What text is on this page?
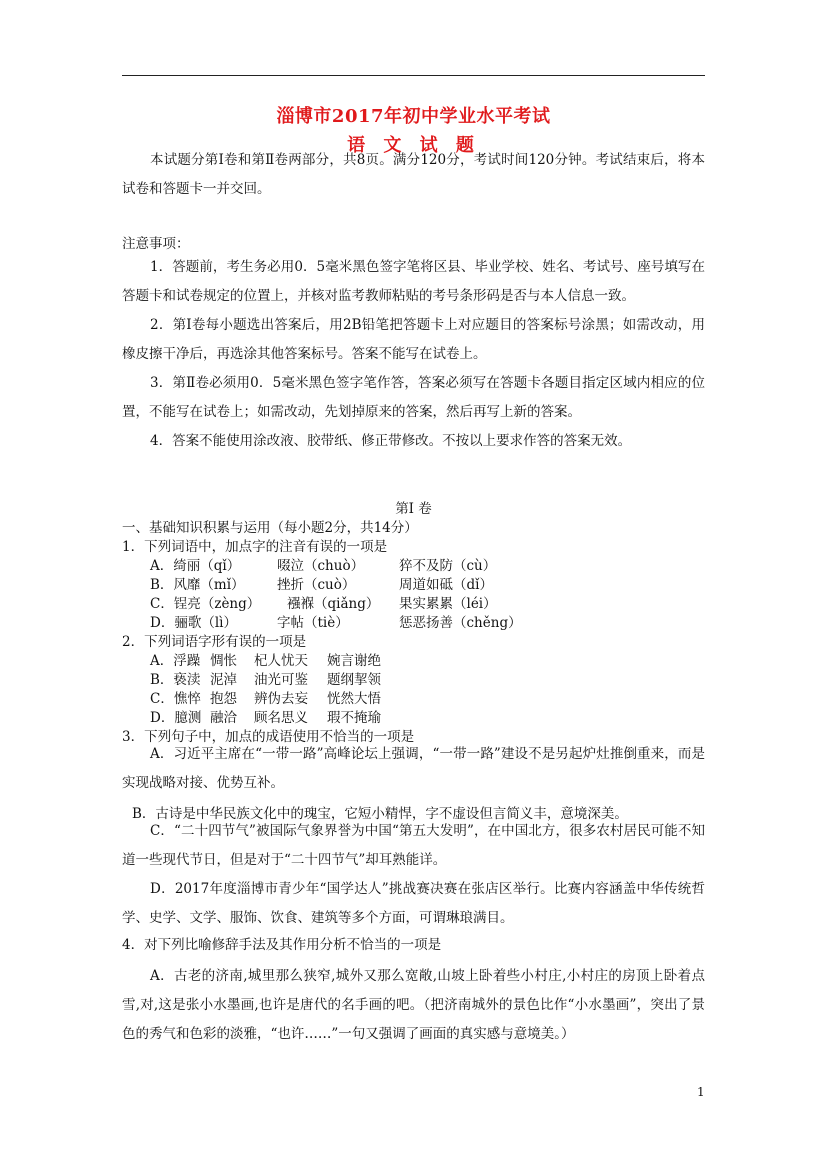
淄博市2017年初中学业水平考试
语 文 试 题

本试题分第Ⅰ卷和第Ⅱ卷两部分，共8页。满分120分，考试时间120分钟。考试结束后，将本试卷和答题卡一并交回。

注意事项：

1．答题前，考生务必用0．5毫米黑色签字笔将区县、毕业学校、姓名、考试号、座号填写在答题卡和试卷规定的位置上，并核对监考教师粘贴的考号条形码是否与本人信息一致。

2．第Ⅰ卷每小题选出答案后，用2B铅笔把答题卡上对应题目的答案标号涂黑；如需改动，用橡皮擦干净后，再选涂其他答案标号。答案不能写在试卷上。

3．第Ⅱ卷必须用0．5毫米黑色签字笔作答，答案必须写在答题卡各题目指定区域内相应的位置，不能写在试卷上；如需改动，先划掉原来的答案，然后再写上新的答案。

4．答案不能使用涂改液、胶带纸、修正带修改。不按以上要求作答的答案无效。

第Ⅰ 卷
一、基础知识积累与运用（每小题2分，共14分）
1．下列词语中，加点字的注音有误的一项是
A．绮丽（qǐ）	啜泣（chuò）	猝不及防（cù）
B．风靡（mǐ） 挫折（cuò）	周道如砥（dǐ）
C．锃亮（zèng） 襁褓（qiǎng） 果实累累（léi）
D．骊歌（lì）	字帖（tiè）	惩恶扬善（chěng）
2．下列词语字形有误的一项是
A．浮躁 惆怅 杞人忧天 婉言谢绝
B．亵渎 泥淖 油光可鉴 题纲挈领
C．憔悴 抱怨 辨伪去妄 恍然大悟
D．臆测 融洽 顾名思义 瑕不掩瑜
3．下列句子中，加点的成语使用不恰当的一项是

A．习近平主席在“一带一路”高峰论坛上强调，“一带一路”建设不是另起炉灶推倒重来，而是实现战略对接、优势互补。

B．古诗是中华民族文化中的瑰宝，它短小精悍，字不虚设但言简义丰，意境深美。

C．“二十四节气”被国际气象界誉为中国“第五大发明”，在中国北方，很多农村居民可能不知道一些现代节日，但是对于“二十四节气”却耳熟能详。

D．2017年度淄博市青少年“国学达人”挑战赛决赛在张店区举行。比赛内容涵盖中华传统哲学、史学、文学、服饰、饮食、建筑等多个方面，可谓琳琅满目。

4．对下列比喻修辞手法及其作用分析不恰当的一项是

A．古老的济南,城里那么狭窄,城外又那么宽敞,山坡上卧着些小村庄,小村庄的房顶上卧着点雪,对,这是张小水墨画,也许是唐代的名手画的吧。（把济南城外的景色比作“小水墨画”，突出了景色的秀气和色彩的淡雅，“也许……”一句又强调了画面的真实感与意境美。）

1
